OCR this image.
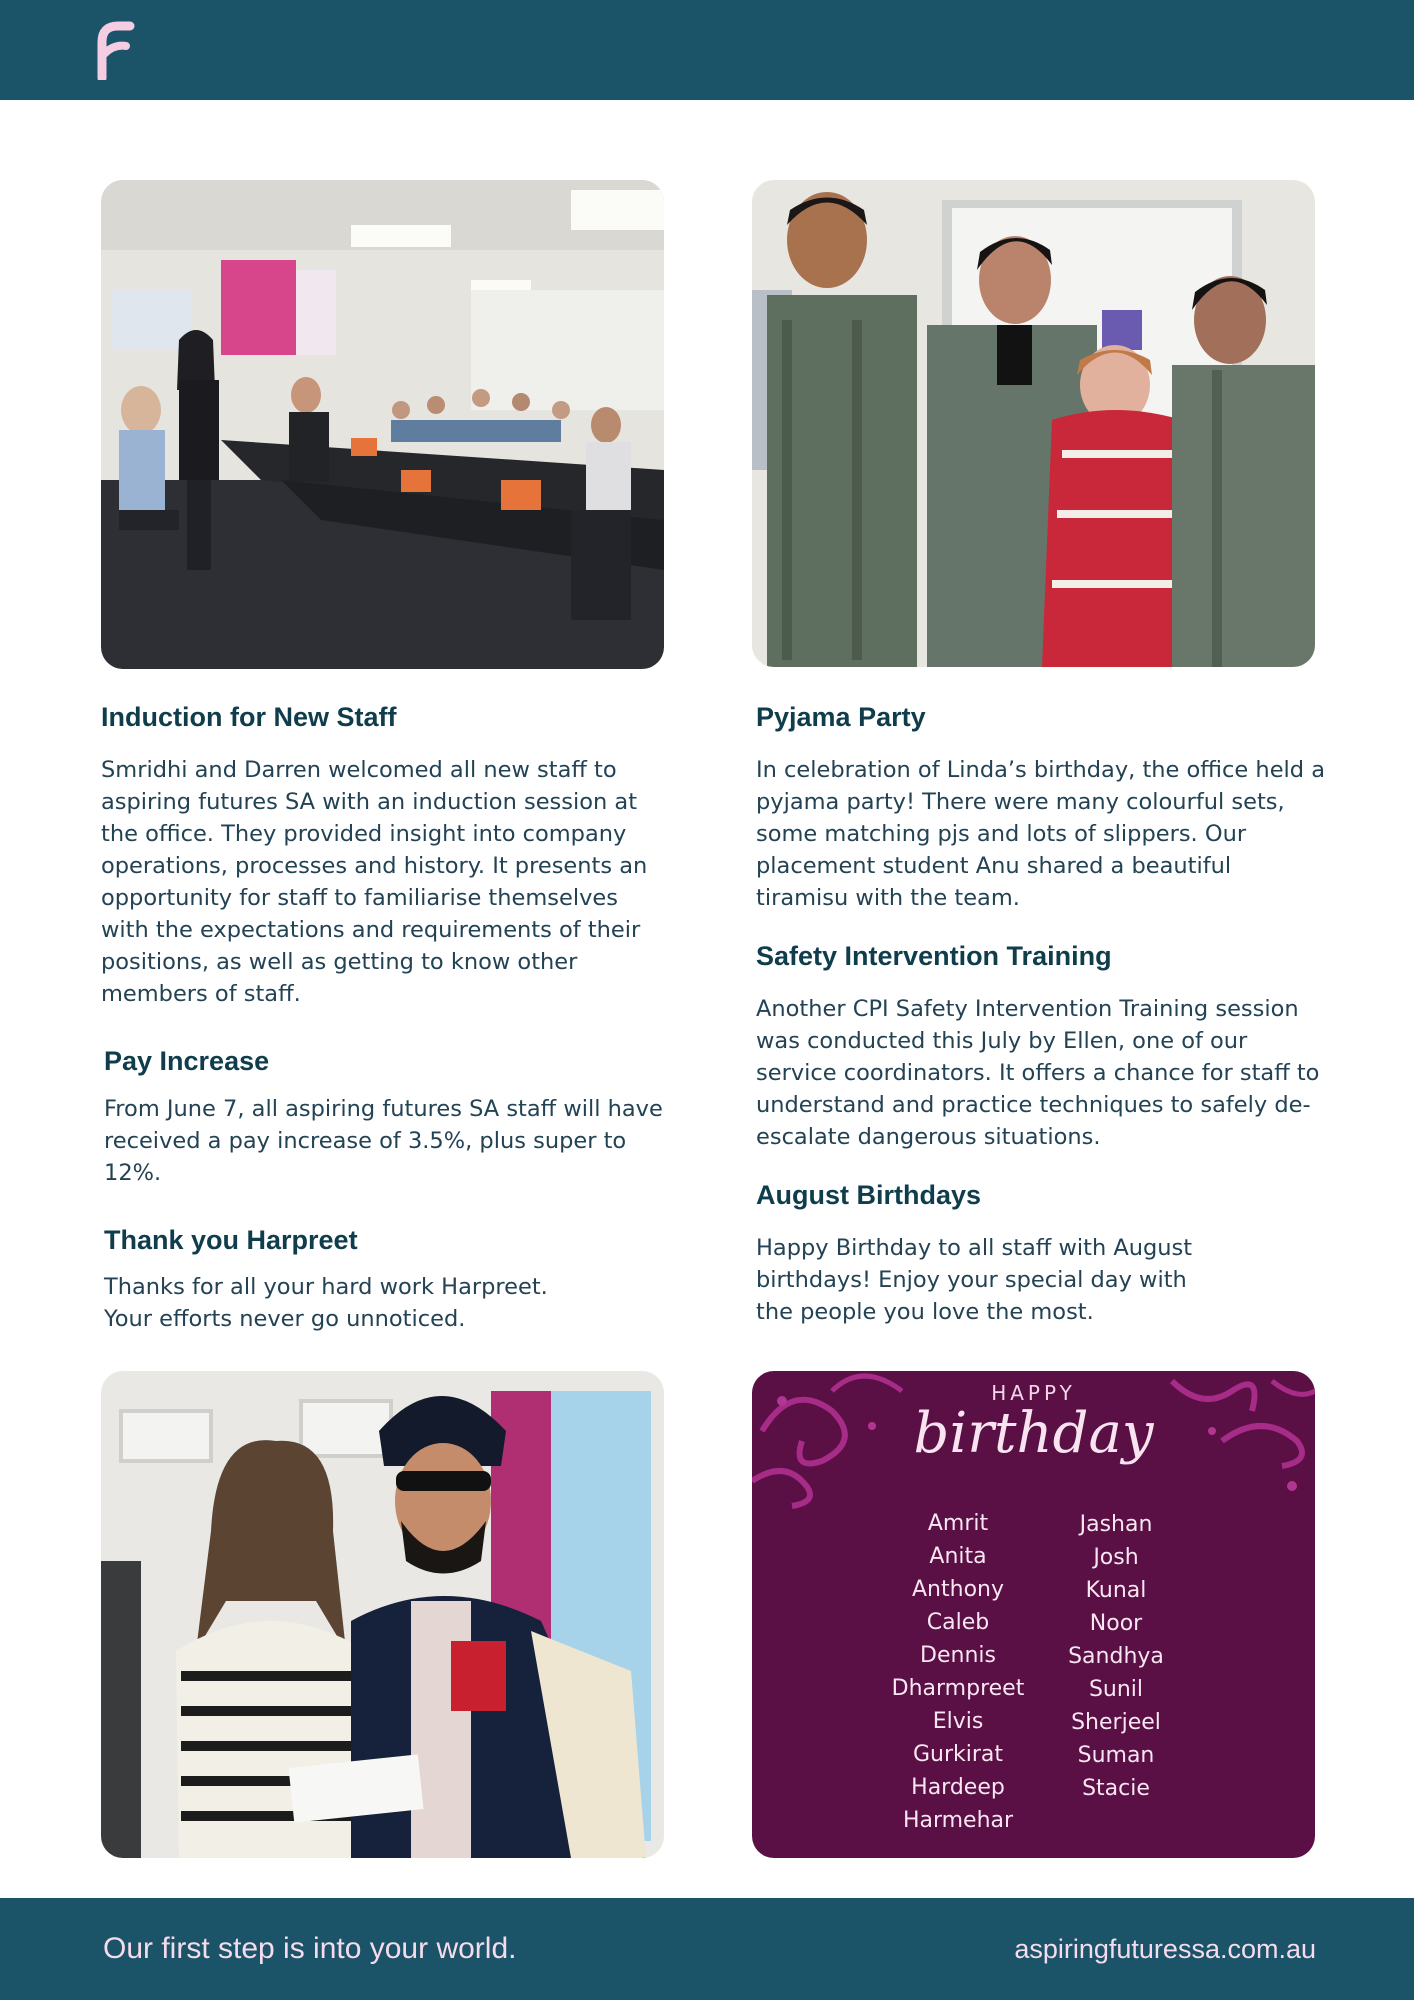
Induction for New Staff

Smridhi and Darren welcomed all new staff to aspiring futures SA with an induction session at the office. They provided insight into company operations, processes and history. It presents an opportunity for staff to familiarise themselves with the expectations and requirements of their positions, as well as getting to know other members of staff.

Pay Increase

From June 7, all aspiring futures SA staff will have received a pay increase of 3.5%, plus super to 12%.

Thank you Harpreet

Thanks for all your hard work Harpreet.
Your efforts never go unnoticed.

Pyjama Party

In celebration of Linda’s birthday, the office held a pyjama party! There were many colourful sets, some matching pjs and lots of slippers. Our placement student Anu shared a beautiful tiramisu with the team.

Safety Intervention Training

Another CPI Safety Intervention Training session was conducted this July by Ellen, one of our service coordinators. It offers a chance for staff to understand and practice techniques to safely de-escalate dangerous situations.

August Birthdays

Happy Birthday to all staff with August
birthdays! Enjoy your special day with
the people you love the most.

HAPPY
birthday
Amrit
Anita
Anthony
Caleb
Dennis
Dharmpreet
Elvis
Gurkirat
Hardeep
Harmehar
Jashan
Josh
Kunal
Noor
Sandhya
Sunil
Sherjeel
Suman
Stacie
Our first step is into your world.	aspiringfuturessa.com.au
